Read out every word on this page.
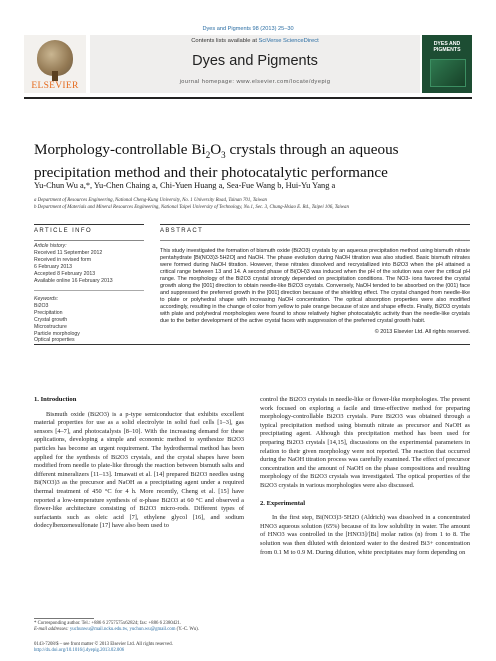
Dyes and Pigments 98 (2013) 25–30
ELSEVIER
Contents lists available at SciVerse ScienceDirect
Dyes and Pigments
journal homepage: www.elsevier.com/locate/dyepig
DYES AND PIGMENTS
Morphology-controllable $Bi_2O_3$ crystals through an aqueous precipitation method and their photocatalytic performance
Yu-Chun Wu a,*, Yu-Chen Chaing a, Chi-Yuen Huang a, Sea-Fue Wang b, Hui-Yu Yang a
a Department of Resources Engineering, National Cheng-Kung University, No. 1 University Road, Tainan 701, Taiwan
b Department of Materials and Mineral Resources Engineering, National Taipei University of Technology, No.1, Sec. 3, Chung-Hsiao E. Rd., Taipei 106, Taiwan
ARTICLE INFO	ABSTRACT
Article history:
Received 11 September 2012
Received in revised form
6 February 2013
Accepted 8 February 2013
Available online 16 February 2013
Keywords:
Bi2O3
Precipitation
Crystal growth
Microstructure
Particle morphology
Optical properties
This study investigated the formation of bismuth oxide (Bi2O3) crystals by an aqueous precipitation method using bismuth nitrate pentahydrate [Bi(NO3)3·5H2O] and NaOH. The phase evolution during NaOH titration was also studied. Basic bismuth nitrates were formed during NaOH titration. However, these nitrates dissolved and recrystallized into Bi2O3 when the pH attained a critical range between 13 and 14. A second phase of Bi(OH)3 was induced when the pH of the solution was over the critical pH range. The morphology of the Bi2O3 crystal strongly depended on precipitation conditions. The NO3- ions favored the crystal growth along the [001] direction to obtain needle-like Bi2O3 crystals. Conversely, NaOH tended to be absorbed on the (001) face and suppressed the preferred growth in the [001] direction because of the shielding effect. The crystal changed from needle-like to plate or polyhedral shape with increasing NaOH concentration. The optical absorption properties were also modified accordingly, resulting in the change of color from yellow to pale orange because of size and shape effects. Finally, Bi2O3 crystals with plate and polyhedral morphologies were found to show relatively higher photocatalytic activity than the needle-like crystals due to the better development of the active crystal faces with suppression of the preferred crystal growth habit.
© 2013 Elsevier Ltd. All rights reserved.
1. Introduction

Bismuth oxide (Bi2O3) is a p-type semiconductor that exhibits excellent material properties for use as a solid electrolyte in solid fuel cells [1–3], gas sensors [4–7], and photocatalysts [8–10]. With the increasing demand for these applications, developing a simple and economic method to synthesize Bi2O3 particles has become an urgent requirement. The hydrothermal method has been applied for the synthesis of Bi2O3 crystals, and the crystal shapes have been modified from needle to plate-like through the reaction between bismuth salts and different mineralizers [11–13]. Irmawati et al. [14] prepared Bi2O3 needles using Bi(NO3)3 as the precursor and NaOH as a precipitating agent under a required thermal treatment of 450 °C for 4 h. More recently, Cheng et al. [15] have reported a low-temperature synthesis of α-phase Bi2O3 at 60 °C and observed a flower-like architecture consisting of Bi2O3 micro-rods. Different types of surfactants such as oleic acid [7], ethylene glycol [16], and sodium dodecylbenzenesulfonate [17] have also been used to

control the Bi2O3 crystals in needle-like or flower-like morphologies. The present work focused on exploring a facile and time-effective method for preparing morphology-controllable Bi2O3 crystals. Pure Bi2O3 was obtained through a typical precipitation method using bismuth nitrate as precursor and NaOH as precipitating agent. Although this precipitation method has been used for preparing Bi2O3 crystals [14,15], discussions on the experimental parameters in relation to their given morphology were not reported. The reaction that occurred during the NaOH titration process was carefully examined. The effect of precursor concentration and the amount of NaOH on the phase compositions and resulting morphology of the Bi2O3 crystals was investigated. The optical properties of the Bi2O3 crystals in various morphologies were also discussed.

2. Experimental

In the first step, Bi(NO3)3·5H2O (Aldrich) was dissolved in a concentrated HNO3 aqueous solution (65%) because of its low solubility in water. The amount of HNO3 was controlled in the [HNO3]/[Bi] molar ratios (n) from 1 to 8. The solution was then diluted with deionized water to the desired Bi3+ concentration from 0.1 M to 0.9 M. During dilution, white precipitates may form depending on

* Corresponding author. Tel.: +886 6 2757575x62824; fax: +886 6 2380421.
E-mail addresses: yuchunwu@mail.ncku.edu.tw, yuchun.wu@gmail.com (Y.-C. Wu).
0143-7208/$ – see front matter © 2013 Elsevier Ltd. All rights reserved.
http://dx.doi.org/10.1016/j.dyepig.2013.02.006
